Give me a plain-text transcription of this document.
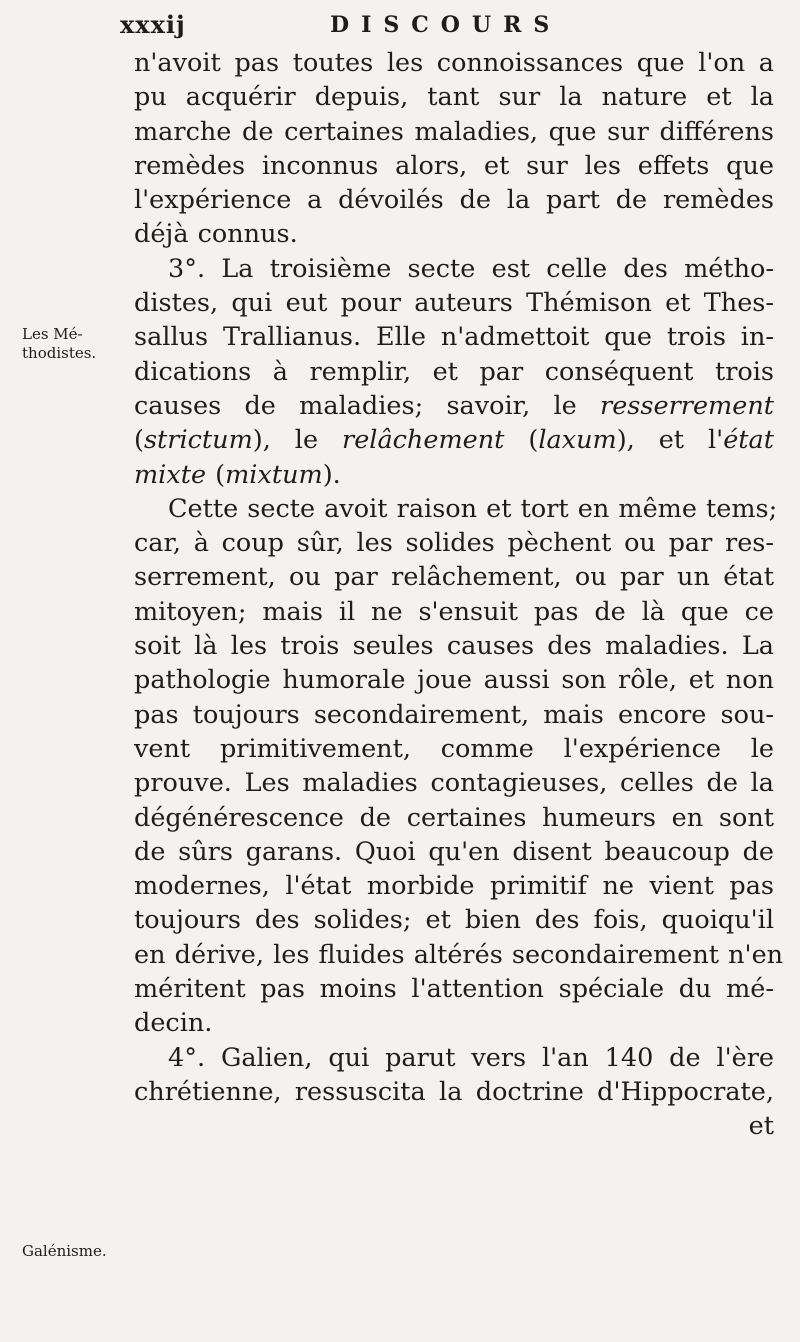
xxxij	DISCOURS
Les Mé-
thodistes.
Galénisme.
n'avoit pas toutes les connoissances que l'on a
pu acquérir depuis, tant sur la nature et la
marche de certaines maladies, que sur différens
remèdes inconnus alors, et sur les effets que
l'expérience a dévoilés de la part de remèdes
déjà connus.
3°. La troisième secte est celle des métho-
distes, qui eut pour auteurs Thémison et Thes-
sallus Trallianus. Elle n'admettoit que trois in-
dications à remplir, et par conséquent trois
causes de maladies; savoir, le resserrement
(strictum), le relâchement (laxum), et l'état
mixte (mixtum).
Cette secte avoit raison et tort en même tems;
car, à coup sûr, les solides pèchent ou par res-
serrement, ou par relâchement, ou par un état
mitoyen; mais il ne s'ensuit pas de là que ce
soit là les trois seules causes des maladies. La
pathologie humorale joue aussi son rôle, et non
pas toujours secondairement, mais encore sou-
vent primitivement, comme l'expérience le
prouve. Les maladies contagieuses, celles de la
dégénérescence de certaines humeurs en sont
de sûrs garans. Quoi qu'en disent beaucoup de
modernes, l'état morbide primitif ne vient pas
toujours des solides; et bien des fois, quoiqu'il
en dérive, les fluides altérés secondairement n'en
méritent pas moins l'attention spéciale du mé-
decin.
4°. Galien, qui parut vers l'an 140 de l'ère
chrétienne, ressuscita la doctrine d'Hippocrate,
et
